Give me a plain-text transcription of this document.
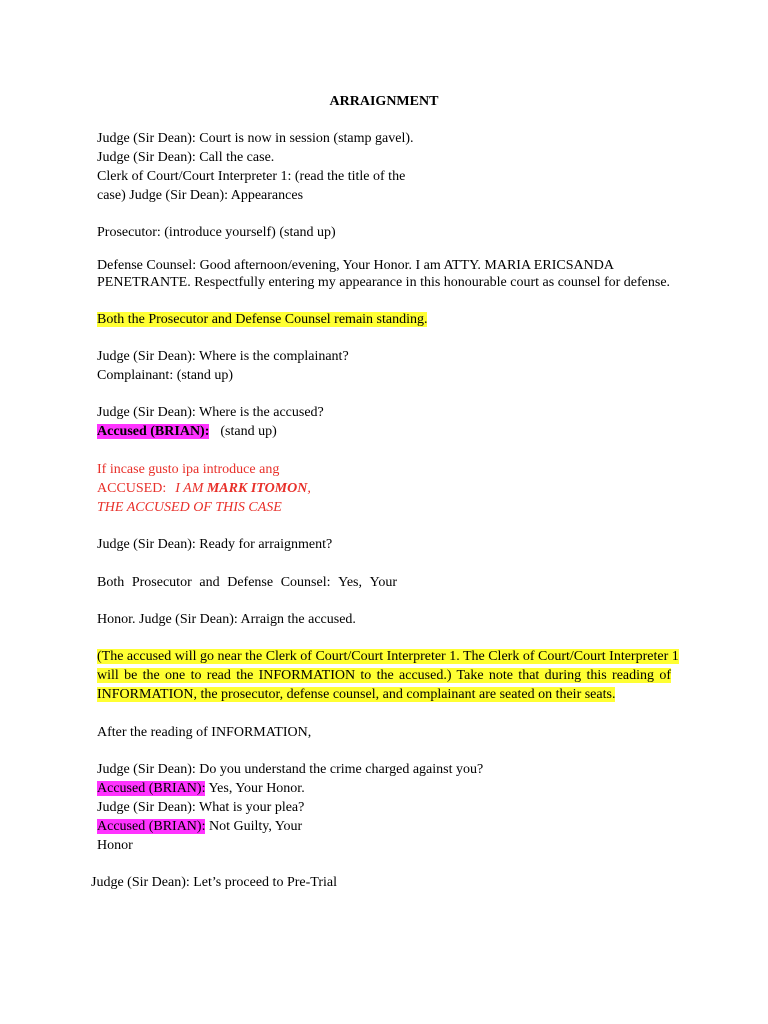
ARRAIGNMENT
Judge (Sir Dean): Court is now in session (stamp gavel).
Judge (Sir Dean): Call the case.
Clerk of Court/Court Interpreter 1: (read the title of the
case) Judge (Sir Dean): Appearances
Prosecutor: (introduce yourself) (stand up)
Defense Counsel: Good afternoon/evening, Your Honor. I am ATTY. MARIA ERICSANDA
PENETRANTE. Respectfully entering my appearance in this honourable court as counsel for defense.
Both the Prosecutor and Defense Counsel remain standing.
Judge (Sir Dean): Where is the complainant?
Complainant: (stand up)
Judge (Sir Dean): Where is the accused?
Accused (BRIAN): (stand up)
If incase gusto ipa introduce ang
ACCUSED: I AM MARK ITOMON,
THE ACCUSED OF THIS CASE
Judge (Sir Dean): Ready for arraignment?
Both Prosecutor and Defense Counsel: Yes, Your
Honor. Judge (Sir Dean): Arraign the accused.
(The accused will go near the Clerk of Court/Court Interpreter 1. The Clerk of Court/Court Interpreter 1
will be the one to read the INFORMATION to the accused.) Take note that during this reading of
INFORMATION, the prosecutor, defense counsel, and complainant are seated on their seats.
After the reading of INFORMATION,
Judge (Sir Dean): Do you understand the crime charged against you?
Accused (BRIAN): Yes, Your Honor.
Judge (Sir Dean): What is your plea?
Accused (BRIAN): Not Guilty, Your
Honor
Judge (Sir Dean): Let’s proceed to Pre-Trial
